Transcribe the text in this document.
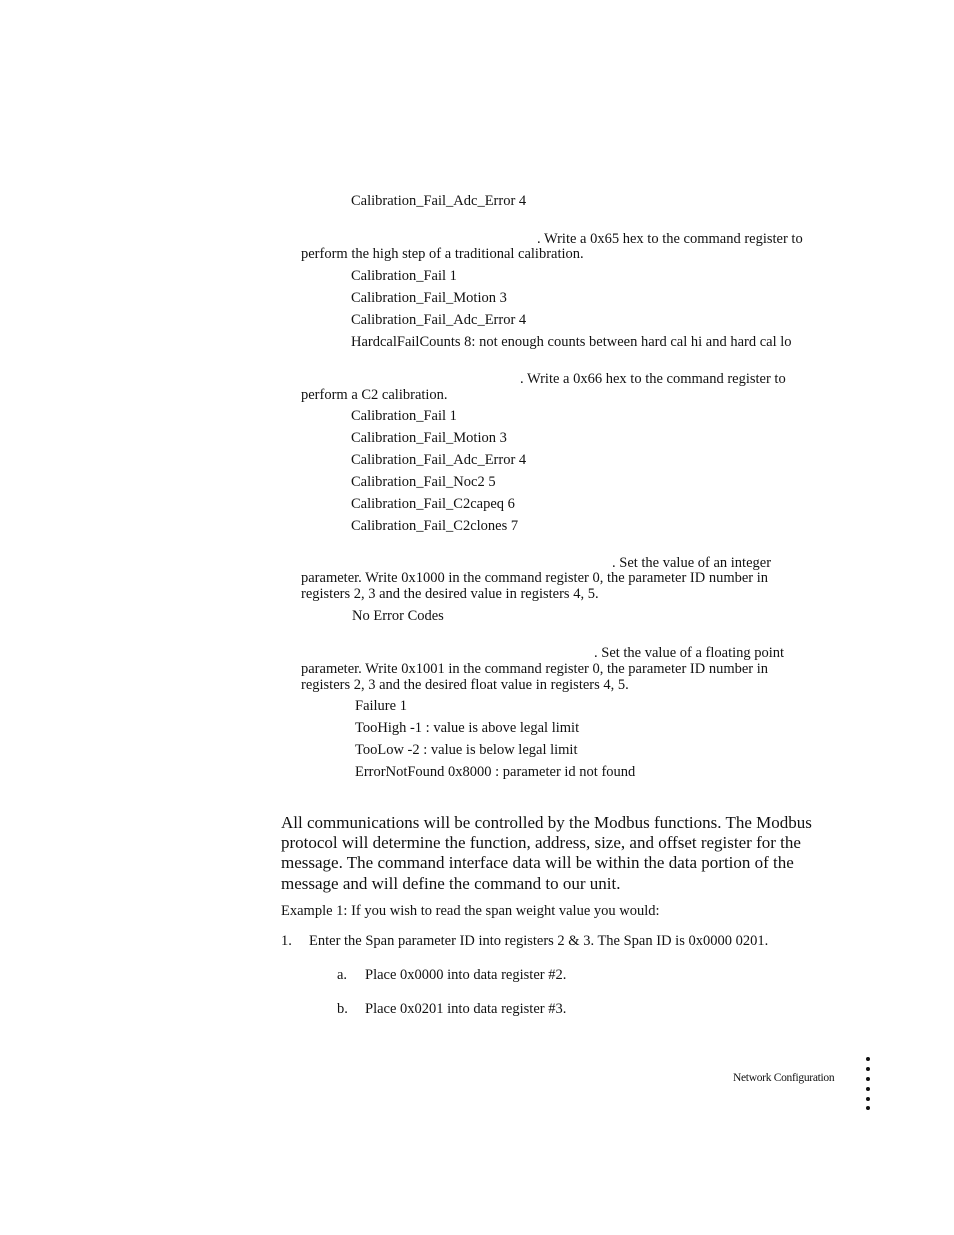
Calibration_Fail_Adc_Error 4
. Write a 0x65 hex to the command register to
perform the high step of a traditional calibration.
Calibration_Fail 1
Calibration_Fail_Motion 3
Calibration_Fail_Adc_Error 4
HardcalFailCounts 8: not enough counts between hard cal hi and hard cal lo
. Write a 0x66 hex to the command register to
perform a C2 calibration.
Calibration_Fail 1
Calibration_Fail_Motion 3
Calibration_Fail_Adc_Error 4
Calibration_Fail_Noc2 5
Calibration_Fail_C2capeq 6
Calibration_Fail_C2clones 7
. Set the value of an integer
parameter. Write 0x1000 in the command register 0, the parameter ID number in
registers 2, 3 and the desired value in registers 4, 5.
No Error Codes
. Set the value of a floating point
parameter. Write 0x1001 in the command register 0, the parameter ID number in
registers 2, 3 and the desired float value in registers 4, 5.
Failure 1
TooHigh -1 : value is above legal limit
TooLow -2 : value is below legal limit
ErrorNotFound 0x8000 : parameter id not found
All communications will be controlled by the Modbus functions. The Modbus
protocol will determine the function, address, size, and offset register for the
message. The command interface data will be within the data portion of the
message and will define the command to our unit.
Example 1: If you wish to read the span weight value you would:
1. Enter the Span parameter ID into registers 2 & 3. The Span ID is 0x0000 0201.
a. Place 0x0000 into data register #2.
b. Place 0x0201 into data register #3.
Network Configuration
